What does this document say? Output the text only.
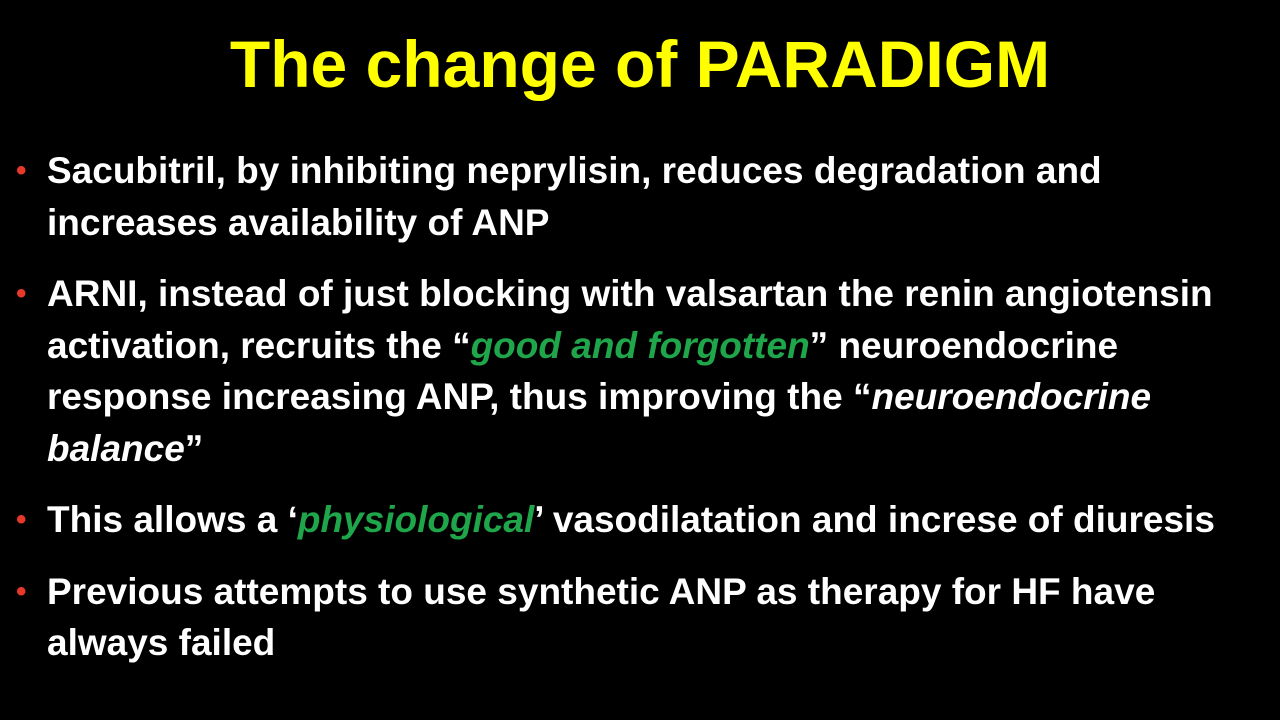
The change of PARADIGM
• Sacubitril, by inhibiting neprylisin, reduces degradation and increases availability of ANP
• ARNI, instead of just blocking with valsartan the renin angiotensin activation, recruits the “good and forgotten” neuroendocrine response increasing ANP, thus improving the “neuroendocrine balance”
• This allows a ‘physiological’ vasodilatation and increse of diuresis
• Previous attempts to use synthetic ANP as therapy for HF have always failed
